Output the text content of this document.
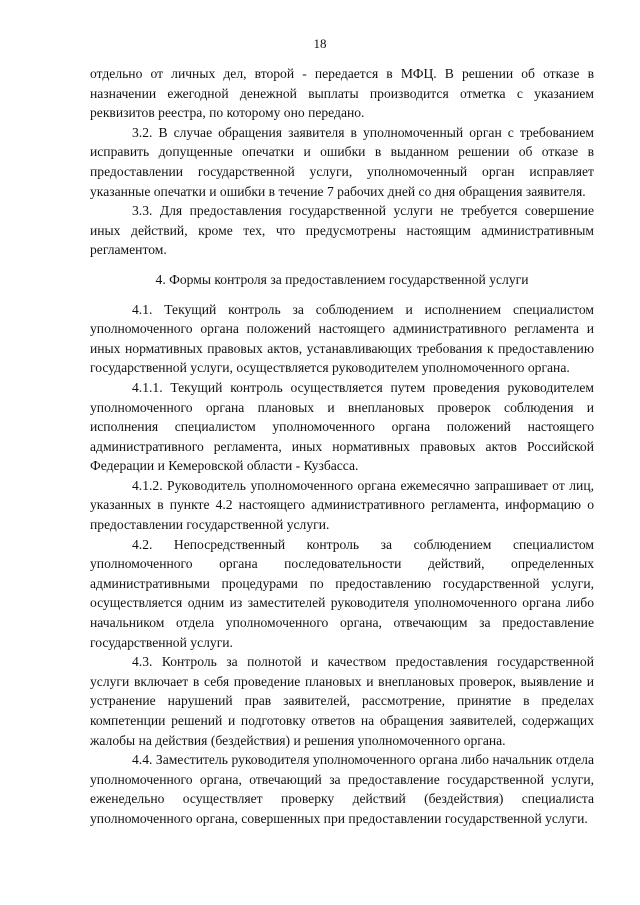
18

отдельно от личных дел, второй - передается в МФЦ. В решении об отказе в назначении ежегодной денежной выплаты производится отметка с указанием реквизитов реестра, по которому оно передано.

3.2. В случае обращения заявителя в уполномоченный орган с требованием исправить допущенные опечатки и ошибки в выданном решении об отказе в предоставлении государственной услуги, уполномоченный орган исправляет указанные опечатки и ошибки в течение 7 рабочих дней со дня обращения заявителя.

3.3. Для предоставления государственной услуги не требуется совершение иных действий, кроме тех, что предусмотрены настоящим административным регламентом.

4. Формы контроля за предоставлением государственной услуги

4.1. Текущий контроль за соблюдением и исполнением специалистом уполномоченного органа положений настоящего административного регламента и иных нормативных правовых актов, устанавливающих требования к предоставлению государственной услуги, осуществляется руководителем уполномоченного органа.

4.1.1. Текущий контроль осуществляется путем проведения руководителем уполномоченного органа плановых и внеплановых проверок соблюдения и исполнения специалистом уполномоченного органа положений настоящего административного регламента, иных нормативных правовых актов Российской Федерации и Кемеровской области - Кузбасса.

4.1.2. Руководитель уполномоченного органа ежемесячно запрашивает от лиц, указанных в пункте 4.2 настоящего административного регламента, информацию о предоставлении государственной услуги.

4.2. Непосредственный контроль за соблюдением специалистом уполномоченного органа последовательности действий, определенных административными процедурами по предоставлению государственной услуги, осуществляется одним из заместителей руководителя уполномоченного органа либо начальником отдела уполномоченного органа, отвечающим за предоставление государственной услуги.

4.3. Контроль за полнотой и качеством предоставления государственной услуги включает в себя проведение плановых и внеплановых проверок, выявление и устранение нарушений прав заявителей, рассмотрение, принятие в пределах компетенции решений и подготовку ответов на обращения заявителей, содержащих жалобы на действия (бездействия) и решения уполномоченного органа.

4.4. Заместитель руководителя уполномоченного органа либо начальник отдела уполномоченного органа, отвечающий за предоставление государственной услуги, еженедельно осуществляет проверку действий (бездействия) специалиста уполномоченного органа, совершенных при предоставлении государственной услуги.
